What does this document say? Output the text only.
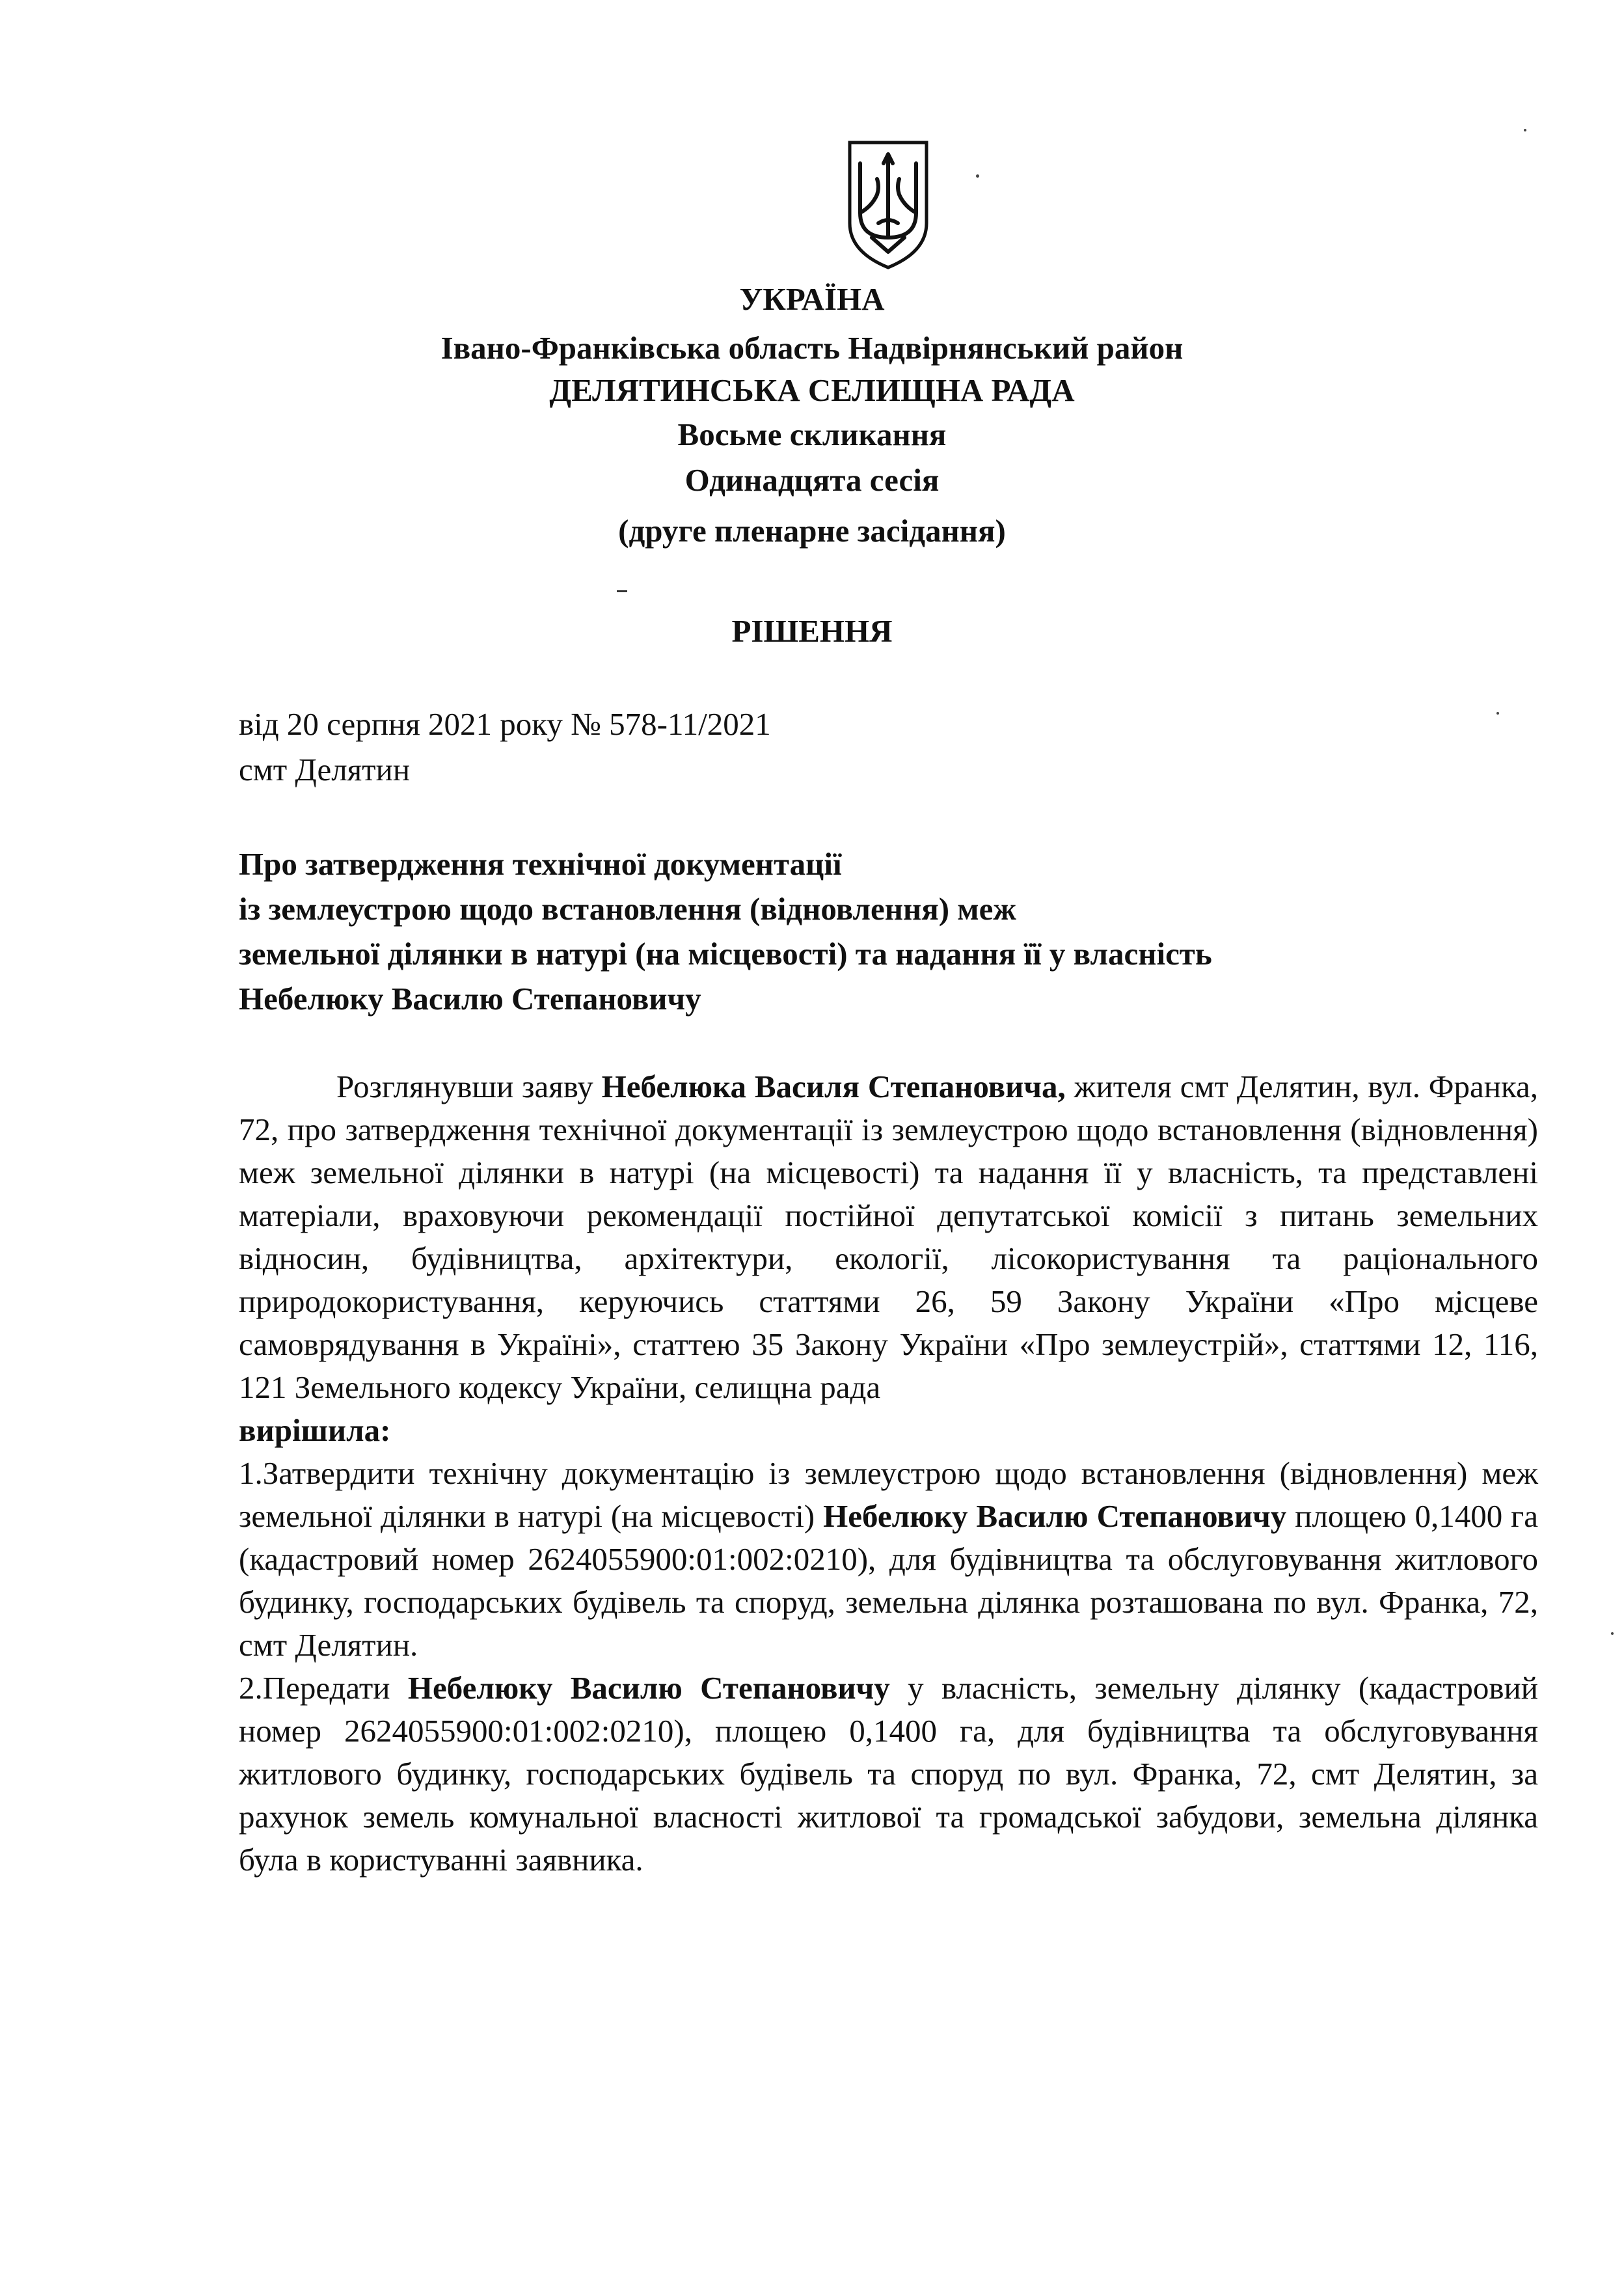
УКРАЇНА
Івано-Франківська область Надвірнянський район
ДЕЛЯТИНСЬКА СЕЛИЩНА РАДА
Восьме скликання
Одинадцята сесія
(друге пленарне засідання)
РІШЕННЯ
від 20 серпня 2021 року № 578-11/2021
смт Делятин
Про затвердження технічної документації
із землеустрою щодо встановлення (відновлення) меж
земельної ділянки в натурі (на місцевості) та надання її у власність
Небелюку Василю Степановичу

Розглянувши заяву Небелюка Василя Степановича, жителя смт Делятин, вул. Франка, 72, про затвердження технічної документації із землеустрою щодо встановлення (відновлення) меж земельної ділянки в натурі (на місцевості) та надання її у власність, та представлені матеріали, враховуючи рекомендації постійної депутатської комісії з питань земельних відносин, будівництва, архітектури, екології, лісокористування та раціонального природокористування, керуючись статтями 26, 59 Закону України «Про місцеве самоврядування в Україні», статтею 35 Закону України «Про землеустрій», статтями 12, 116, 121 Земельного кодексу України, селищна рада

вирішила:

1.Затвердити технічну документацію із землеустрою щодо встановлення (відновлення) меж земельної ділянки в натурі (на місцевості) Небелюку Василю Степановичу площею 0,1400 га (кадастровий номер 2624055900:01:002:0210), для будівництва та обслуговування житлового будинку, господарських будівель та споруд, земельна ділянка розташована по вул. Франка, 72, смт Делятин.

2.Передати Небелюку Василю Степановичу у власність, земельну ділянку (кадастровий номер 2624055900:01:002:0210), площею 0,1400 га, для будівництва та обслуговування житлового будинку, господарських будівель та споруд по вул. Франка, 72, смт Делятин, за рахунок земель комунальної власності житлової та громадської забудови, земельна ділянка була в користуванні заявника.
